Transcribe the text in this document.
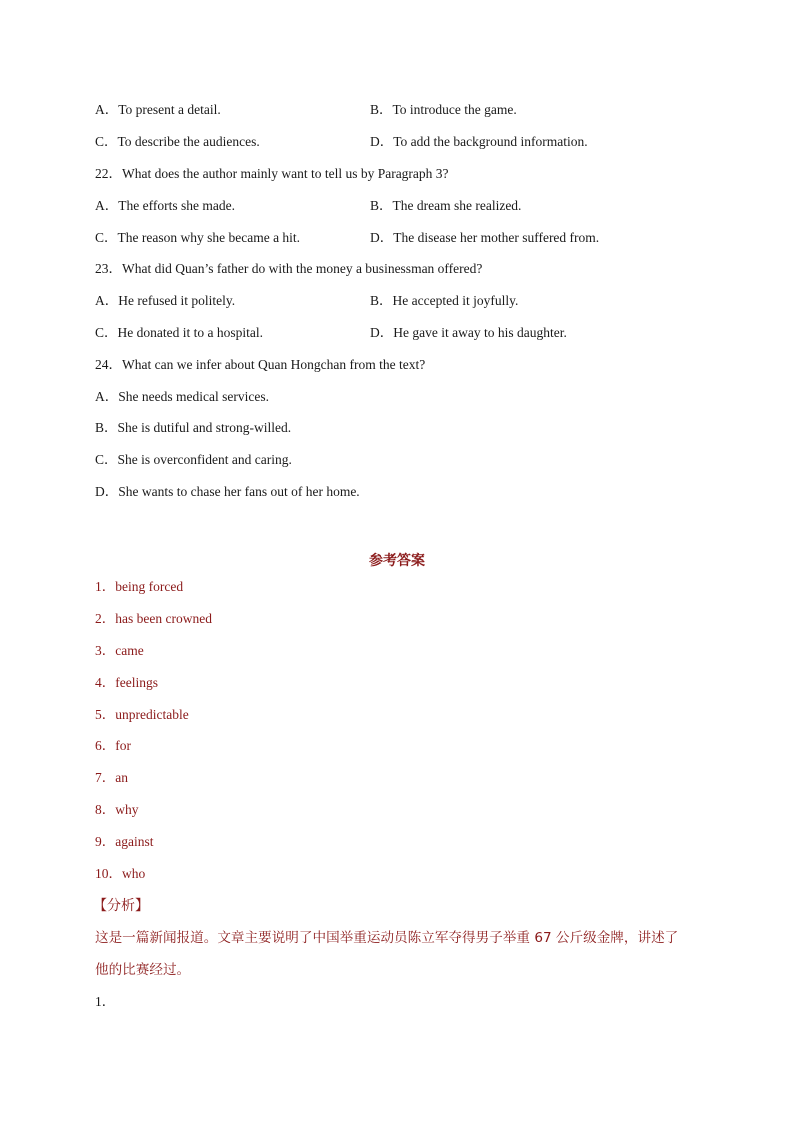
A．To present a detail.	B．To introduce the game.
C．To describe the audiences.	D．To add the background information.
22．What does the author mainly want to tell us by Paragraph 3?
A．The efforts she made.	B．The dream she realized.
C．The reason why she became a hit.	D．The disease her mother suffered from.
23．What did Quan’s father do with the money a businessman offered?
A．He refused it politely.	B．He accepted it joyfully.
C．He donated it to a hospital.	D．He gave it away to his daughter.
24．What can we infer about Quan Hongchan from the text?
A．She needs medical services.
B．She is dutiful and strong-willed.
C．She is overconfident and caring.
D．She wants to chase her fans out of her home.
参考答案
1．being forced
2．has been crowned
3．came
4．feelings
5．unpredictable
6．for
7．an
8．why
9．against
10．who
【分析】
这是一篇新闻报道。文章主要说明了中国举重运动员陈立军夺得男子举重 67 公斤级金牌，讲述了
他的比赛经过。
1．
